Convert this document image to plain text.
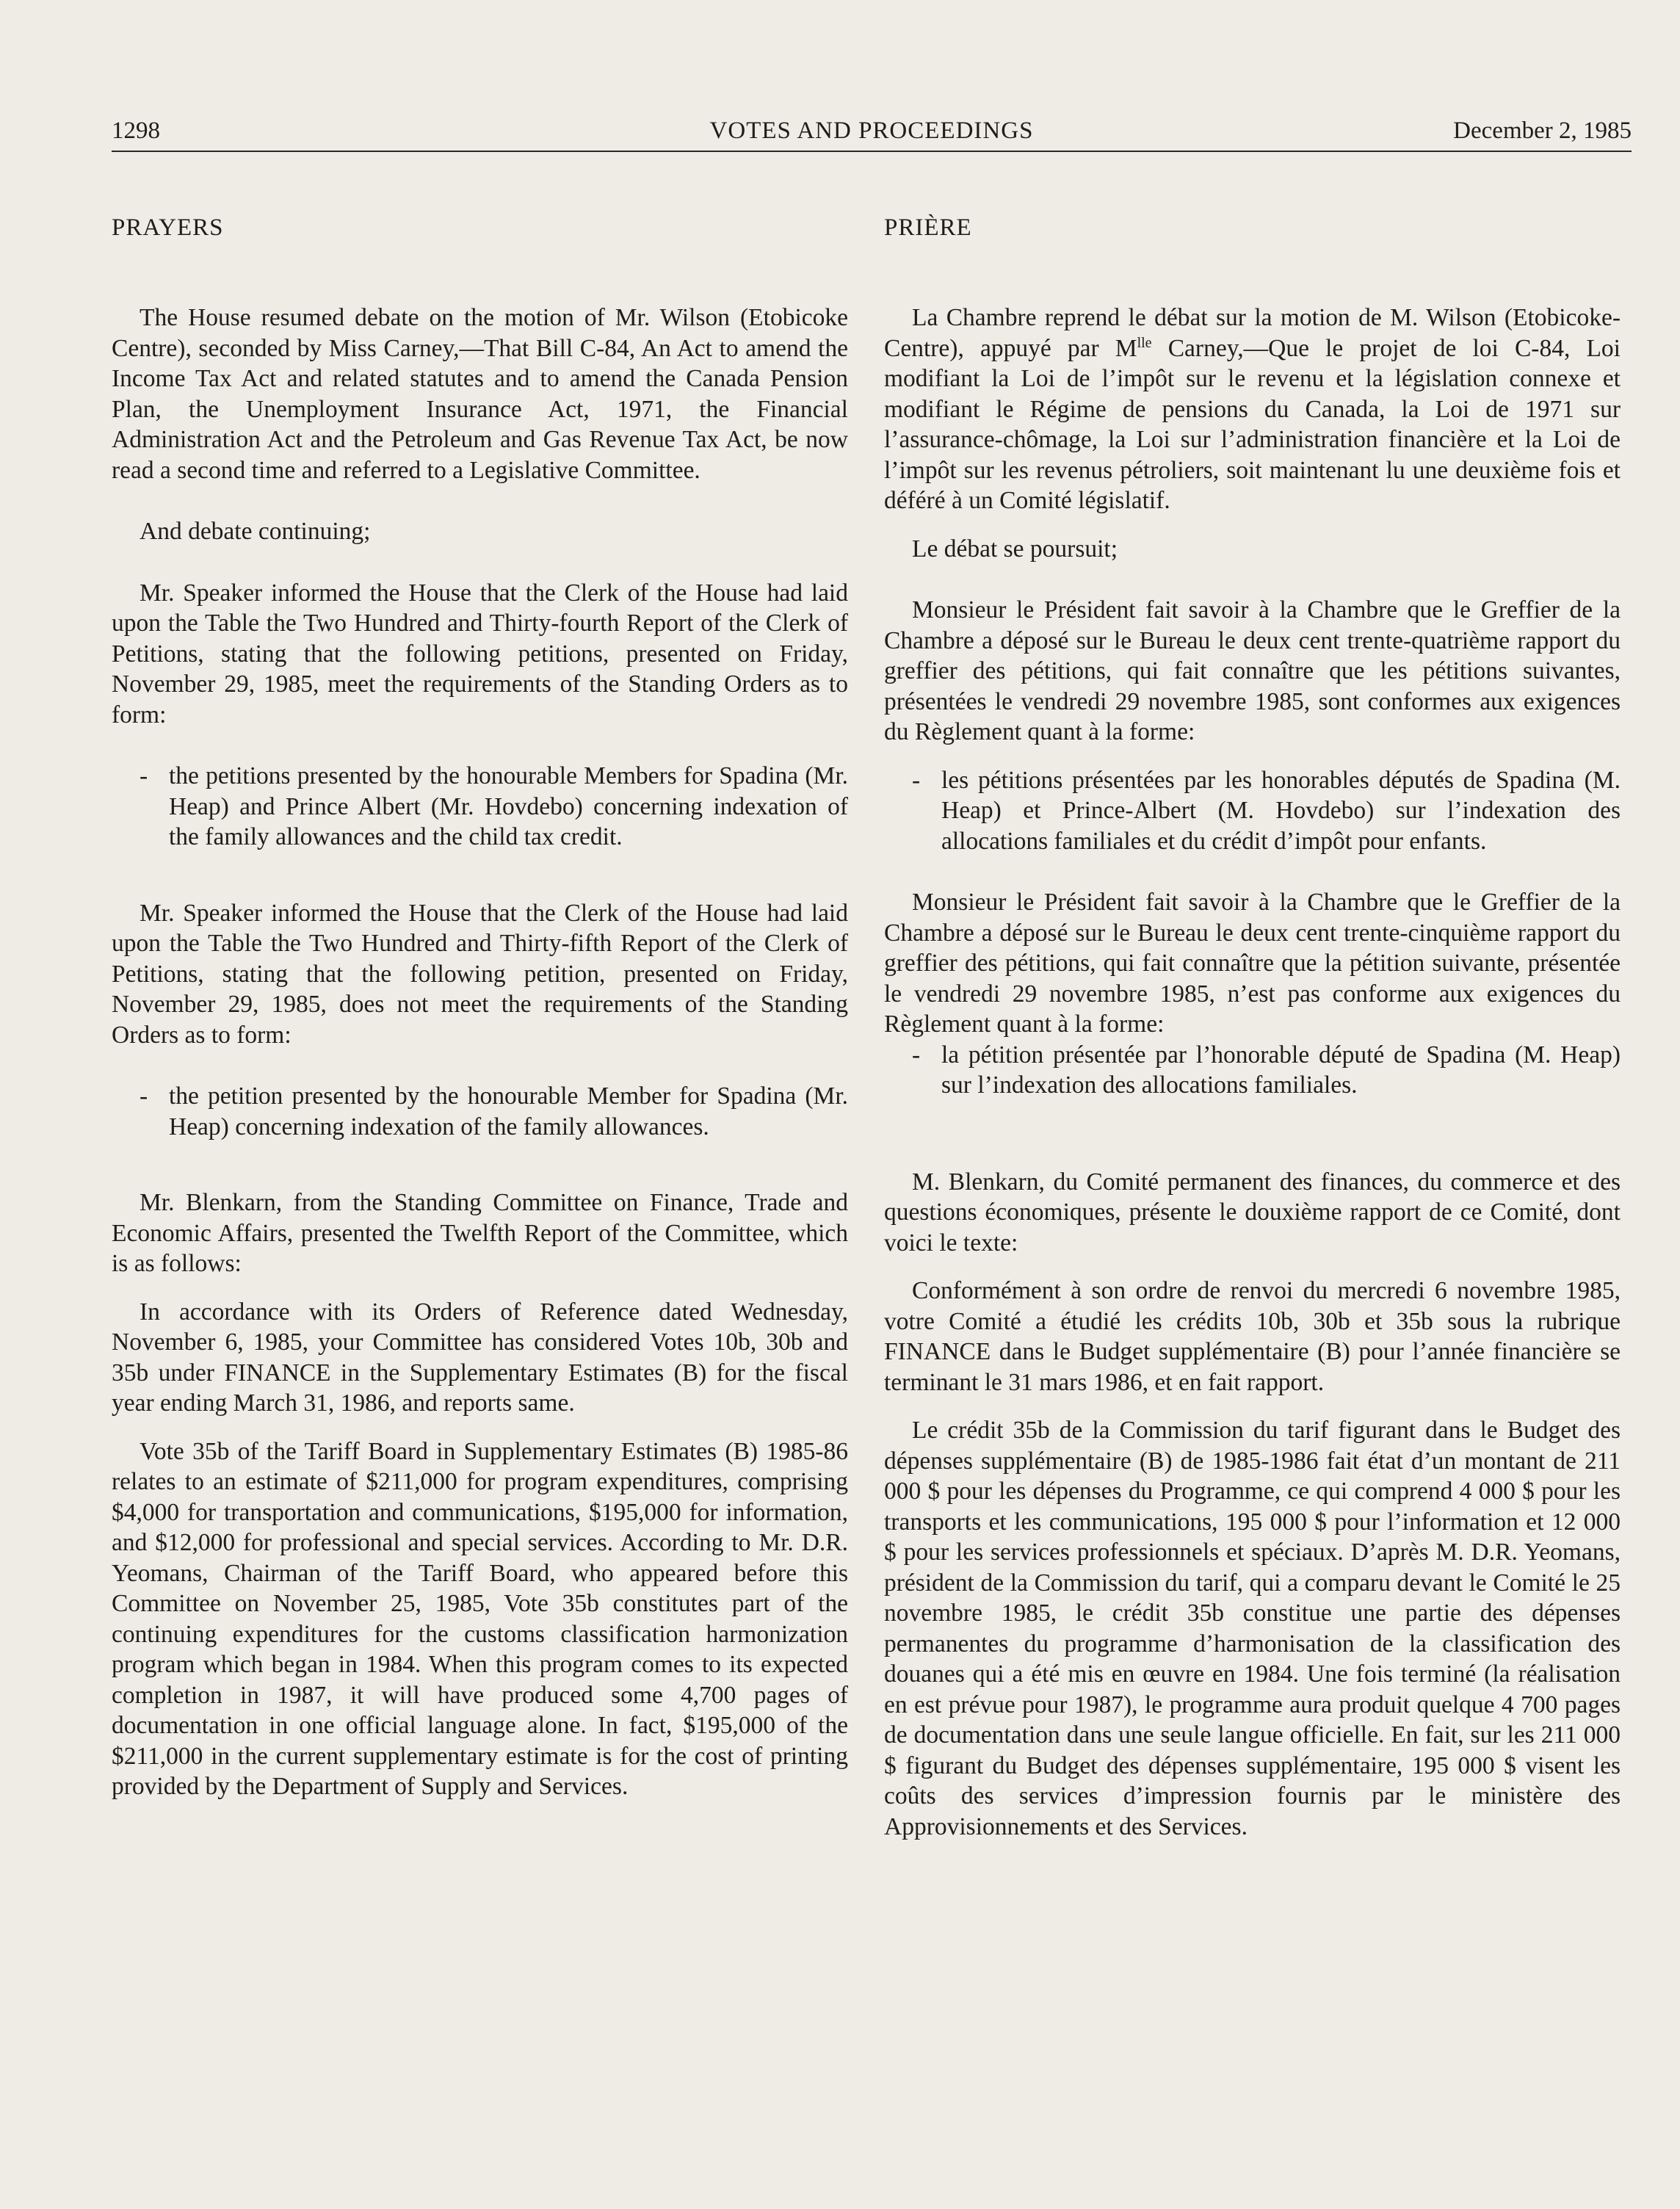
1298	VOTES AND PROCEEDINGS	December 2, 1985

PRAYERS

The House resumed debate on the motion of Mr. Wilson (Etobicoke Centre), seconded by Miss Carney,—That Bill C-84, An Act to amend the Income Tax Act and related statutes and to amend the Canada Pension Plan, the Unemployment Insurance Act, 1971, the Financial Administration Act and the Petroleum and Gas Revenue Tax Act, be now read a second time and referred to a Legislative Committee.

And debate continuing;

Mr. Speaker informed the House that the Clerk of the House had laid upon the Table the Two Hundred and Thirty-fourth Report of the Clerk of Petitions, stating that the following petitions, presented on Friday, November 29, 1985, meet the requirements of the Standing Orders as to form:

- the petitions presented by the honourable Members for Spadina (Mr. Heap) and Prince Albert (Mr. Hovdebo) concerning indexation of the family allowances and the child tax credit.

Mr. Speaker informed the House that the Clerk of the House had laid upon the Table the Two Hundred and Thirty-fifth Report of the Clerk of Petitions, stating that the following petition, presented on Friday, November 29, 1985, does not meet the requirements of the Standing Orders as to form:

- the petition presented by the honourable Member for Spadina (Mr. Heap) concerning indexation of the family allowances.

Mr. Blenkarn, from the Standing Committee on Finance, Trade and Economic Affairs, presented the Twelfth Report of the Committee, which is as follows:

In accordance with its Orders of Reference dated Wednesday, November 6, 1985, your Committee has considered Votes 10b, 30b and 35b under FINANCE in the Supplementary Estimates (B) for the fiscal year ending March 31, 1986, and reports same.

Vote 35b of the Tariff Board in Supplementary Estimates (B) 1985-86 relates to an estimate of $211,000 for program expenditures, comprising $4,000 for transportation and communications, $195,000 for information, and $12,000 for professional and special services. According to Mr. D.R. Yeomans, Chairman of the Tariff Board, who appeared before this Committee on November 25, 1985, Vote 35b constitutes part of the continuing expenditures for the customs classification harmonization program which began in 1984. When this program comes to its expected completion in 1987, it will have produced some 4,700 pages of documentation in one official language alone. In fact, $195,000 of the $211,000 in the current supplementary estimate is for the cost of printing provided by the Department of Supply and Services.

PRIÈRE

La Chambre reprend le débat sur la motion de M. Wilson (Etobicoke-Centre), appuyé par $M^{lle}$ Carney,—Que le projet de loi C-84, Loi modifiant la Loi de l’impôt sur le revenu et la législation connexe et modifiant le Régime de pensions du Canada, la Loi de 1971 sur l’assurance-chômage, la Loi sur l’administration financière et la Loi de l’impôt sur les revenus pétroliers, soit maintenant lu une deuxième fois et déféré à un Comité législatif.

Le débat se poursuit;

Monsieur le Président fait savoir à la Chambre que le Greffier de la Chambre a déposé sur le Bureau le deux cent trente-quatrième rapport du greffier des pétitions, qui fait connaître que les pétitions suivantes, présentées le vendredi 29 novembre 1985, sont conformes aux exigences du Règlement quant à la forme:

- les pétitions présentées par les honorables députés de Spadina (M. Heap) et Prince-Albert (M. Hovdebo) sur l’indexation des allocations familiales et du crédit d’impôt pour enfants.

Monsieur le Président fait savoir à la Chambre que le Greffier de la Chambre a déposé sur le Bureau le deux cent trente-cinquième rapport du greffier des pétitions, qui fait connaître que la pétition suivante, présentée le vendredi 29 novembre 1985, n’est pas conforme aux exigences du Règlement quant à la forme:

- la pétition présentée par l’honorable député de Spadina (M. Heap) sur l’indexation des allocations familiales.

M. Blenkarn, du Comité permanent des finances, du commerce et des questions économiques, présente le douxième rapport de ce Comité, dont voici le texte:

Conformément à son ordre de renvoi du mercredi 6 novembre 1985, votre Comité a étudié les crédits 10b, 30b et 35b sous la rubrique FINANCE dans le Budget supplémentaire (B) pour l’année financière se terminant le 31 mars 1986, et en fait rapport.

Le crédit 35b de la Commission du tarif figurant dans le Budget des dépenses supplémentaire (B) de 1985-1986 fait état d’un montant de 211 000 $ pour les dépenses du Programme, ce qui comprend 4 000 $ pour les transports et les communications, 195 000 $ pour l’information et 12 000 $ pour les services professionnels et spéciaux. D’après M. D.R. Yeomans, président de la Commission du tarif, qui a comparu devant le Comité le 25 novembre 1985, le crédit 35b constitue une partie des dépenses permanentes du programme d’harmonisation de la classification des douanes qui a été mis en œuvre en 1984. Une fois terminé (la réalisation en est prévue pour 1987), le programme aura produit quelque 4 700 pages de documentation dans une seule langue officielle. En fait, sur les 211 000 $ figurant du Budget des dépenses supplémentaire, 195 000 $ visent les coûts des services d’impression fournis par le ministère des Approvisionnements et des Services.
